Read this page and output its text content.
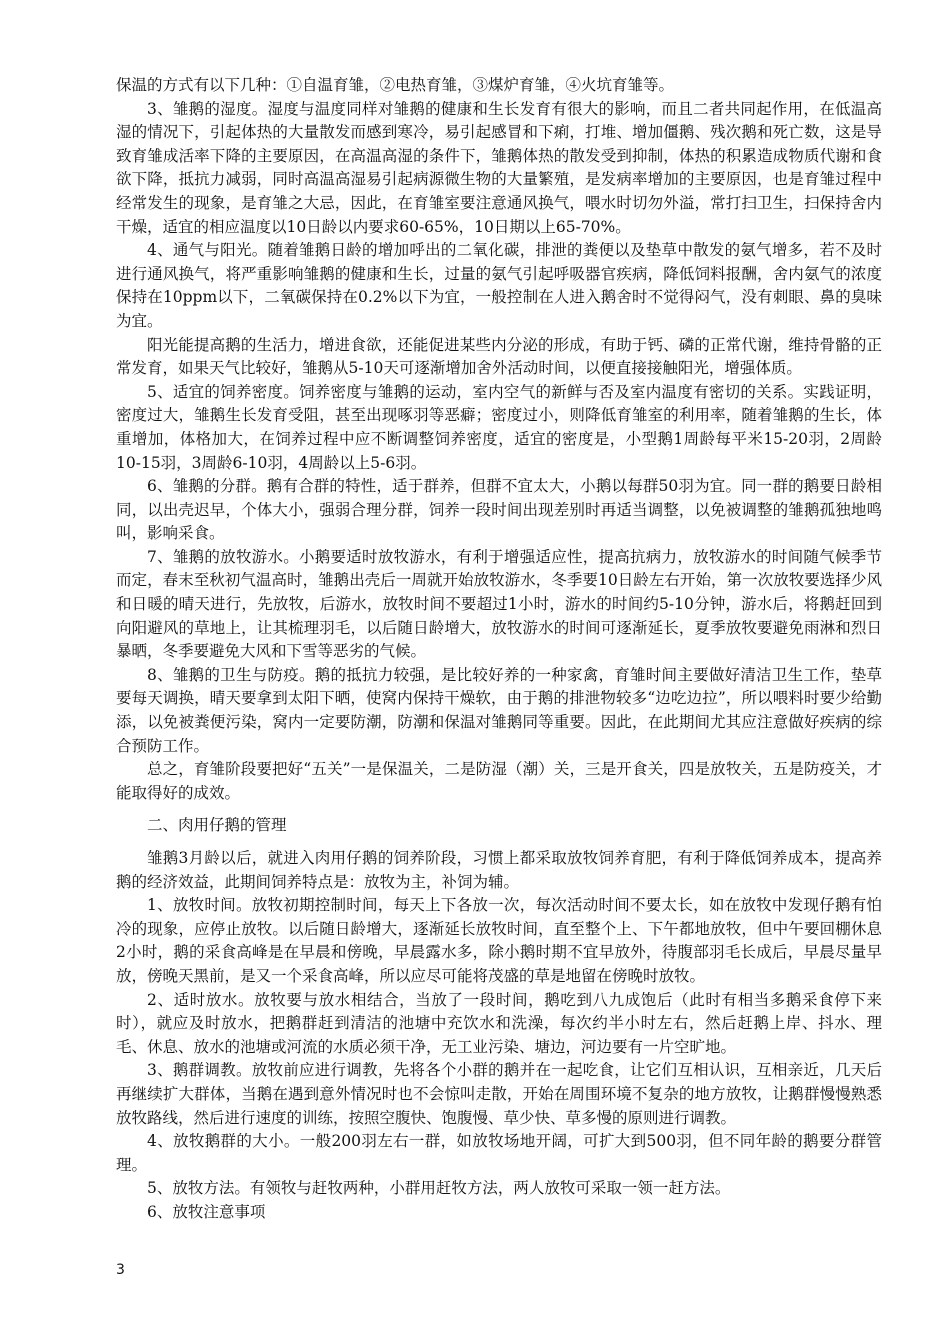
保温的方式有以下几种：①自温育雏，②电热育雏，③煤炉育雏，④火坑育雏等。

3、雏鹅的湿度。湿度与温度同样对雏鹅的健康和生长发育有很大的影响，而且二者共同起作用，在低温高湿的情况下，引起体热的大量散发而感到寒冷，易引起感冒和下痢，打堆、增加僵鹅、残次鹅和死亡数，这是导致育雏成活率下降的主要原因，在高温高湿的条件下，雏鹅体热的散发受到抑制，体热的积累造成物质代谢和食欲下降，抵抗力减弱，同时高温高湿易引起病源微生物的大量繁殖，是发病率增加的主要原因，也是育雏过程中经常发生的现象，是育雏之大忌，因此，在育雏室要注意通风换气，喂水时切勿外溢，常打扫卫生，扫保持舍内干燥，适宜的相应温度以10日龄以内要求60-65%，10日期以上65-70%。

4、通气与阳光。随着雏鹅日龄的增加呼出的二氧化碳，排泄的粪便以及垫草中散发的氨气增多，若不及时进行通风换气，将严重影响雏鹅的健康和生长，过量的氨气引起呼吸器官疾病，降低饲料报酬，舍内氨气的浓度保持在10ppm以下，二氧碳保持在0.2%以下为宜，一般控制在人进入鹅舍时不觉得闷气，没有刺眼、鼻的臭味为宜。

阳光能提高鹅的生活力，增进食欲，还能促进某些内分泌的形成，有助于钙、磷的正常代谢，维持骨骼的正常发育，如果天气比较好，雏鹅从5-10天可逐渐增加舍外活动时间，以便直接接触阳光，增强体质。

5、适宜的饲养密度。饲养密度与雏鹅的运动，室内空气的新鲜与否及室内温度有密切的关系。实践证明，密度过大，雏鹅生长发育受阻，甚至出现啄羽等恶癖；密度过小，则降低育雏室的利用率，随着雏鹅的生长，体重增加，体格加大，在饲养过程中应不断调整饲养密度，适宜的密度是，小型鹅1周龄每平米15-20羽，2周龄10-15羽，3周龄6-10羽，4周龄以上5-6羽。

6、雏鹅的分群。鹅有合群的特性，适于群养，但群不宜太大，小鹅以每群50羽为宜。同一群的鹅要日龄相同，以出壳迟早，个体大小，强弱合理分群，饲养一段时间出现差别时再适当调整，以免被调整的雏鹅孤独地鸣叫，影响采食。

7、雏鹅的放牧游水。小鹅要适时放牧游水，有利于增强适应性，提高抗病力，放牧游水的时间随气候季节而定，春末至秋初气温高时，雏鹅出壳后一周就开始放牧游水，冬季要10日龄左右开始，第一次放牧要选择少风和日暖的晴天进行，先放牧，后游水，放牧时间不要超过1小时，游水的时间约5-10分钟，游水后，将鹅赶回到向阳避风的草地上，让其梳理羽毛，以后随日龄增大，放牧游水的时间可逐渐延长，夏季放牧要避免雨淋和烈日暴晒，冬季要避免大风和下雪等恶劣的气候。

8、雏鹅的卫生与防疫。鹅的抵抗力较强，是比较好养的一种家禽，育雏时间主要做好清洁卫生工作，垫草要每天调换，晴天要拿到太阳下晒，使窝内保持干燥软，由于鹅的排泄物较多“边吃边拉”，所以喂料时要少给勤添，以免被粪便污染，窝内一定要防潮，防潮和保温对雏鹅同等重要。因此，在此期间尤其应注意做好疾病的综合预防工作。

总之，育雏阶段要把好“五关”一是保温关，二是防湿（潮）关，三是开食关，四是放牧关，五是防疫关，才能取得好的成效。

二、肉用仔鹅的管理

雏鹅3月龄以后，就进入肉用仔鹅的饲养阶段，习惯上都采取放牧饲养育肥，有利于降低饲养成本，提高养鹅的经济效益，此期间饲养特点是：放牧为主，补饲为辅。

1、放牧时间。放牧初期控制时间，每天上下各放一次，每次活动时间不要太长，如在放牧中发现仔鹅有怕冷的现象，应停止放牧。以后随日龄增大，逐渐延长放牧时间，直至整个上、下午都地放牧，但中午要回棚休息2小时，鹅的采食高峰是在早晨和傍晚，早晨露水多，除小鹅时期不宜早放外，待腹部羽毛长成后，早晨尽量早放，傍晚天黑前，是又一个采食高峰，所以应尽可能将茂盛的草是地留在傍晚时放牧。

2、适时放水。放牧要与放水相结合，当放了一段时间，鹅吃到八九成饱后（此时有相当多鹅采食停下来时），就应及时放水，把鹅群赶到清洁的池塘中充饮水和洗澡，每次约半小时左右，然后赶鹅上岸、抖水、理毛、休息、放水的池塘或河流的水质必须干净，无工业污染、塘边，河边要有一片空旷地。

3、鹅群调教。放牧前应进行调教，先将各个小群的鹅并在一起吃食，让它们互相认识，互相亲近，几天后再继续扩大群体，当鹅在遇到意外情况时也不会惊叫走散，开始在周围环境不复杂的地方放牧，让鹅群慢慢熟悉放牧路线，然后进行速度的训练，按照空腹快、饱腹慢、草少快、草多慢的原则进行调教。

4、放牧鹅群的大小。一般200羽左右一群，如放牧场地开阔，可扩大到500羽，但不同年龄的鹅要分群管理。

5、放牧方法。有领牧与赶牧两种，小群用赶牧方法，两人放牧可采取一领一赶方法。

6、放牧注意事项

3
